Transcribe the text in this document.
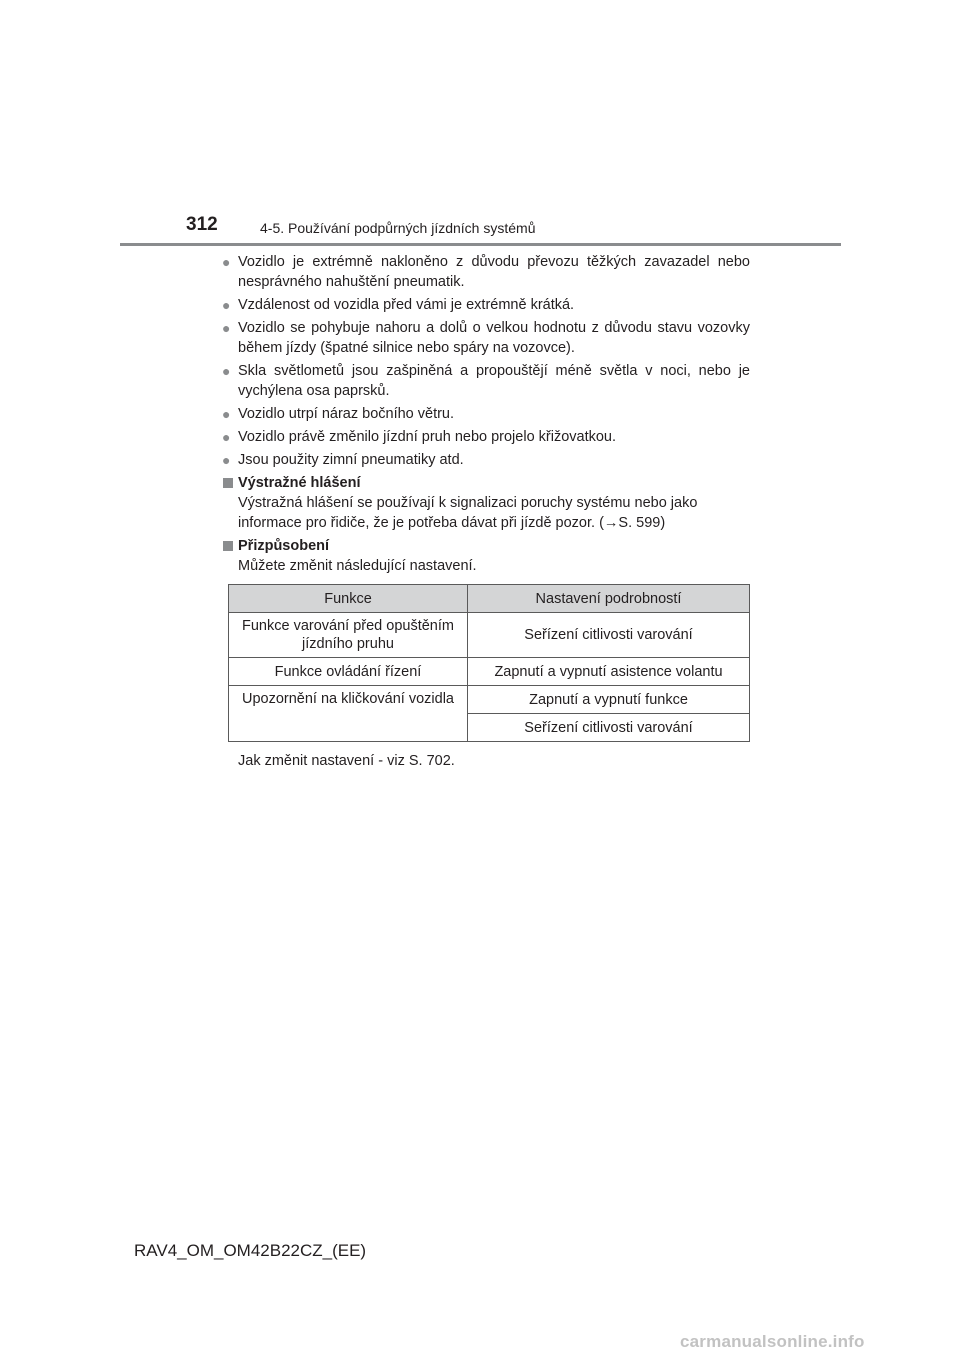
312	4-5. Používání podpůrných jízdních systémů
● Vozidlo je extrémně nakloněno z důvodu převozu těžkých zavazadel nebo nesprávného nahuštění pneumatik.
● Vzdálenost od vozidla před vámi je extrémně krátká.
● Vozidlo se pohybuje nahoru a dolů o velkou hodnotu z důvodu stavu vozovky během jízdy (špatné silnice nebo spáry na vozovce).
● Skla světlometů jsou zašpiněná a propouštějí méně světla v noci, nebo je vychýlena osa paprsků.
● Vozidlo utrpí náraz bočního větru.
● Vozidlo právě změnilo jízdní pruh nebo projelo křižovatkou.
● Jsou použity zimní pneumatiky atd.
Výstražné hlášení
Výstražná hlášení se používají k signalizaci poruchy systému nebo jako informace pro řidiče, že je potřeba dávat při jízdě pozor. (→S. 599)
Přizpůsobení
Můžete změnit následující nastavení.
Funkce	Nastavení podrobností
Funkce varování před opuštěním jízdního pruhu	Seřízení citlivosti varování
Funkce ovládání řízení	Zapnutí a vypnutí asistence volantu
Upozornění na kličkování vozidla	Zapnutí a vypnutí funkce
	Seřízení citlivosti varování
Jak změnit nastavení - viz S. 702.
RAV4_OM_OM42B22CZ_(EE)
carmanualsonline.info
